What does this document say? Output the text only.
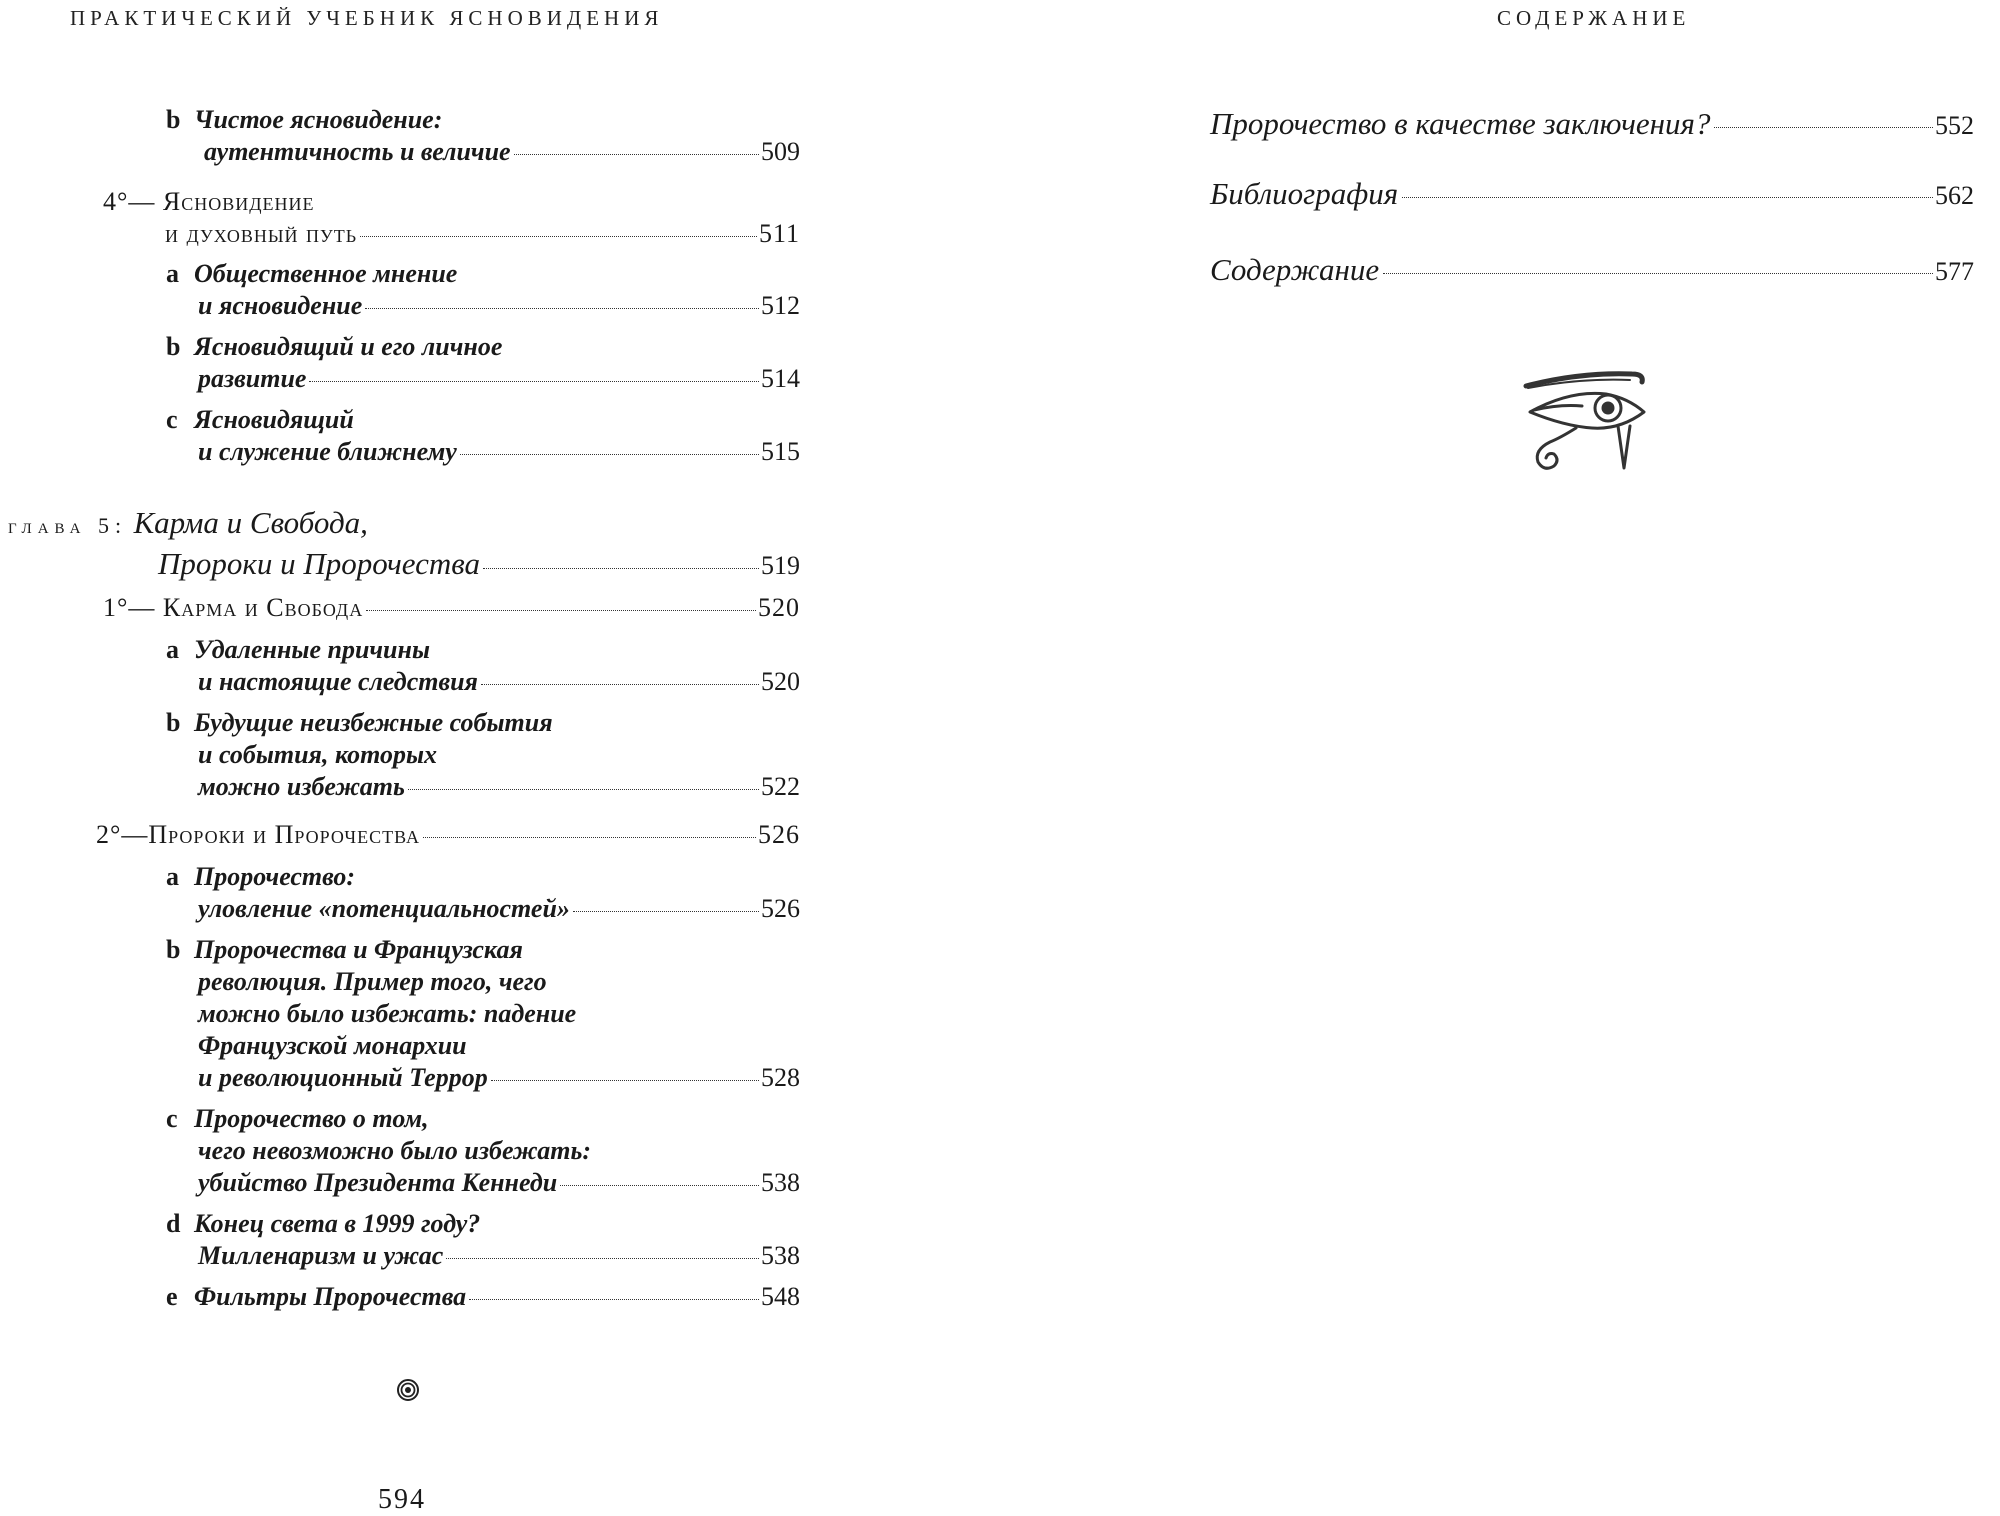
ПРАКТИЧЕСКИЙ УЧЕБНИК ЯСНОВИДЕНИЯ
b Чистое ясновидение:
аутентичность и величие	509
4°— Ясновидение
и духовный путь	511
a Общественное мнение
и ясновидение	512
b Ясновидящий и его личное
развитие	514
c Ясновидящий
и служение ближнему	515
глава 5: Карма и Свобода,
Пророки и Пророчества	519
1°—
Карма и Свобода	520
a Удаленные причины
и настоящие следствия	520
b Будущие неизбежные события
и события, которых
можно избежать	522
2°— Пророки и Пророчества	526
a Пророчество:
уловление «потенциальностей»	526
b Пророчества и Французская
революция. Пример того, чего
можно было избежать: падение
Французской монархии
и революционный Террор	528
c Пророчество о том,
чего невозможно было избежать:
убийство Президента Кеннеди	538
d Конец света в 1999 году?
Милленаризм и ужас	538
e Фильтры Пророчества	548
594
СОДЕРЖАНИЕ
Пророчество в качестве заключения?	552
Библиография	562
Содержание	577
